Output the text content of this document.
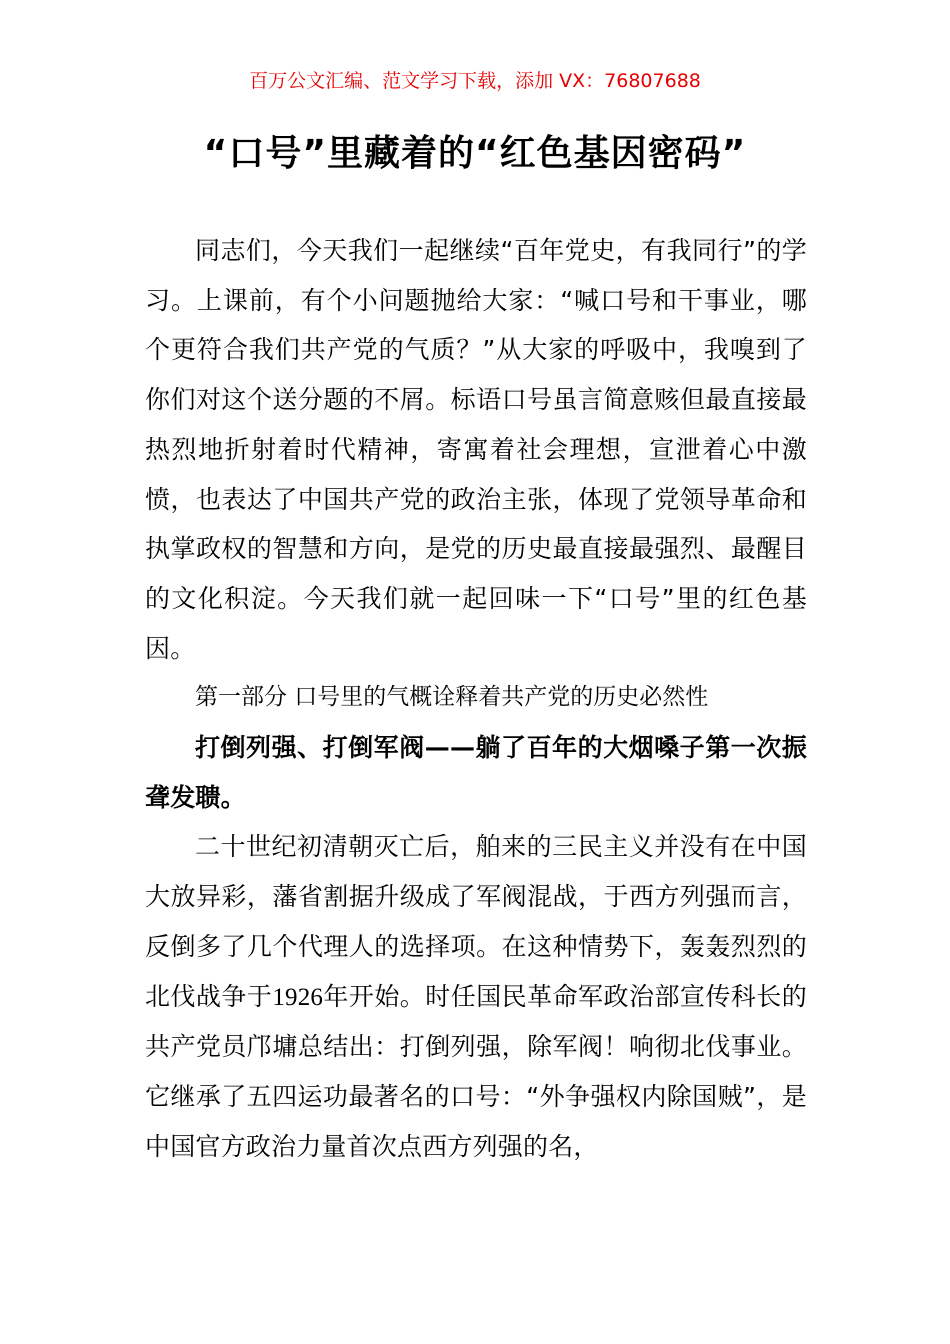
百万公文汇编、范文学习下载，添加 VX：76807688
“口号”里藏着的“红色基因密码”

同志们，今天我们一起继续“百年党史，有我同行”的学习。上课前，有个小问题抛给大家：“喊口号和干事业，哪个更符合我们共产党的气质？”从大家的呼吸中，我嗅到了你们对这个送分题的不屑。标语口号虽言简意赅但最直接最热烈地折射着时代精神，寄寓着社会理想，宣泄着心中激愤，也表达了中国共产党的政治主张，体现了党领导革命和执掌政权的智慧和方向，是党的历史最直接最强烈、最醒目的文化积淀。今天我们就一起回味一下“口号”里的红色基因。

第一部分 口号里的气概诠释着共产党的历史必然性

打倒列强、打倒军阀——躺了百年的大烟嗓子第一次振聋发聩。

二十世纪初清朝灭亡后，舶来的三民主义并没有在中国大放异彩，藩省割据升级成了军阀混战，于西方列强而言，反倒多了几个代理人的选择项。在这种情势下，轰轰烈烈的北伐战争于1926年开始。时任国民革命军政治部宣传科长的共产党员邝墉总结出：打倒列强，除军阀！响彻北伐事业。它继承了五四运功最著名的口号：“外争强权内除国贼”，是中国官方政治力量首次点西方列强的名，
